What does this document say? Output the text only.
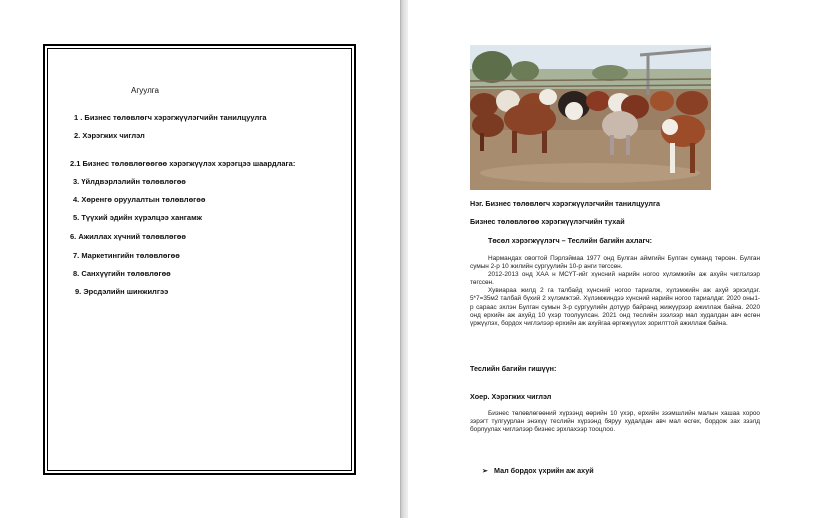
Агуулга
1 . Бизнес төлөвлөгч хэрэгжүүлэгчийн танилцуулга
2. Хэрэгжих чиглэл
2.1 Бизнес төлөвлөгөөгөө хэрэгжүүлэх хэрэгцээ шаардлага:
3. Үйлдвэрлэлийн төлөвлөгөө
4. Хөренгө оруулалтын төлөвлөгөө
5. Түүхий эдийн хүрэлцээ хангамж
6. Ажиллах хүчний төлөвлөгөө
7. Маркетингийн төлөвлөгөө
8. Санхүүгийн төлөвлөгөө
9. Эрсдэлийн шинжилгээ
Нэг. Бизнес төлөвлөгч хэрэгжүүлэгчийн танилцуулга
Бизнес төлөвлөгөө хэрэгжүүлэгчийн тухай
Төсөл хэрэгжүүлэгч – Теслийн багийн ахлагч:

Нармандах овогтой Пэрлэймаа 1977 онд Булган аймгийн Булган суманд төрсөн. Булган сумын 2-р 10 жилийн сургуулийн 10-р анги төгссөн.

2012-2013 онд ХАА н МСҮТ-ийг хүнсний нарийн ногоо хүлэмжийн аж ахуйн чиглэлээр төгссөн.

Хувиараа жилд 2 га талбайд хүнсний ногоо тариалж, хүлэмжийн аж ахуй эрхэлдэг. 5*7=35м2 талбай бүхий 2 хүлэмжтэй. Хүлэмжиндээ хүнсний нарийн ногоо тариалдаг. 2020 оны1-р сараас эхлэн Булган сумын 3-р сургуулийн дотуур байранд жижүүрээр ажиллаж байна. 2020 онд ерхийн аж ахуйд 10 үхэр тоолуулсан. 2021 онд теслийн зээлээр мал худалдан авч өсгөн үржүүлэх, бордох чиглэлээр ерхийн аж ахуйгаа өргөжүүлэх зорилттой ажиллаж байна.

Теслийн багийн гишүүн:
Хоер. Хэрэгжих чиглэл

Бизнес төлөвлөгөөний хүрээнд өөрийн 10 үхэр, ерхийн зээмшлийн малын хашаа хороо зэрэгт тулгуурлан энэхүү теслийн хүрээнд бяруу худалдан авч мал өсгөх, бордож зах зээлд борлуулах чиглэлээр бизнес эрхлахээр тооцлоо.

➢ Мал бордох үхрийн аж ахуй
